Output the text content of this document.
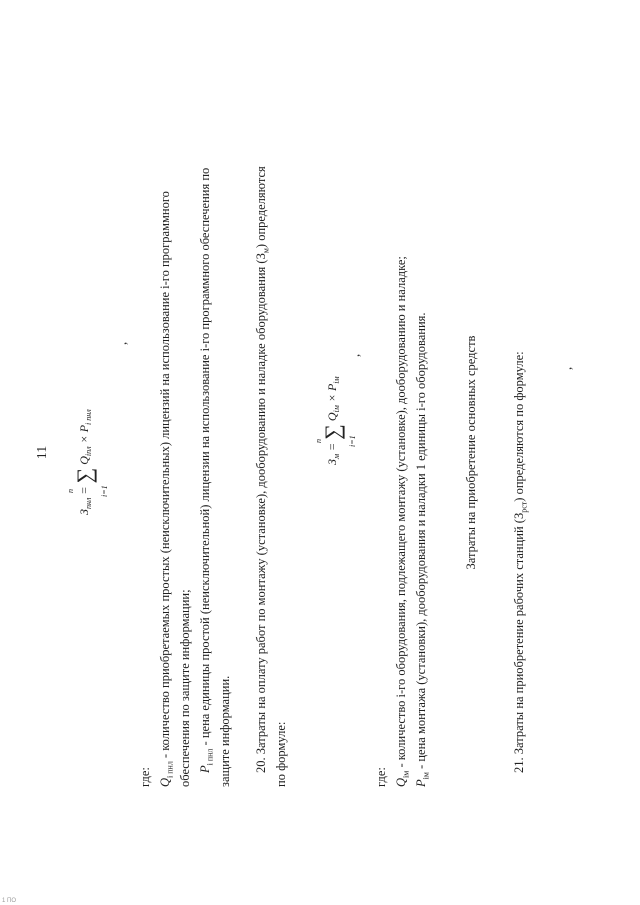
11
$З_{пнл}$ = ∑ $Q_{inл} \times P_{i пнл}$
n	i=1
,
где: $Q_{i пнл}$ - количество приобретаемых простых (неисключительных) лицензий на использование i-го программного обеспечения по защите информации; $P_{i пнл}$ - цена единицы простой (неисключительной) лицензии на использование i-го программного обеспечения по защите информации. 20. Затраты на оплату работ по монтажу (установке), дооборудованию и наладке оборудования $(З_м)$ определяются
по формуле:
$З_м$ = ∑ $Q_{iм} \times P_{iм}$
n	i=1
,
где: $Q_{iм}$ - количество i-го оборудования, подлежащего монтажу (установке), дооборудованию и наладке;
$P_{iм}$ - цена монтажа (установки), дооборудования и наладки 1 единицы i-го оборудования.	Затраты на приобретение основных средств
21. Затраты на приобретение рабочих станций $(З_{рст})$ определяются по формуле:	,
1 ПО
